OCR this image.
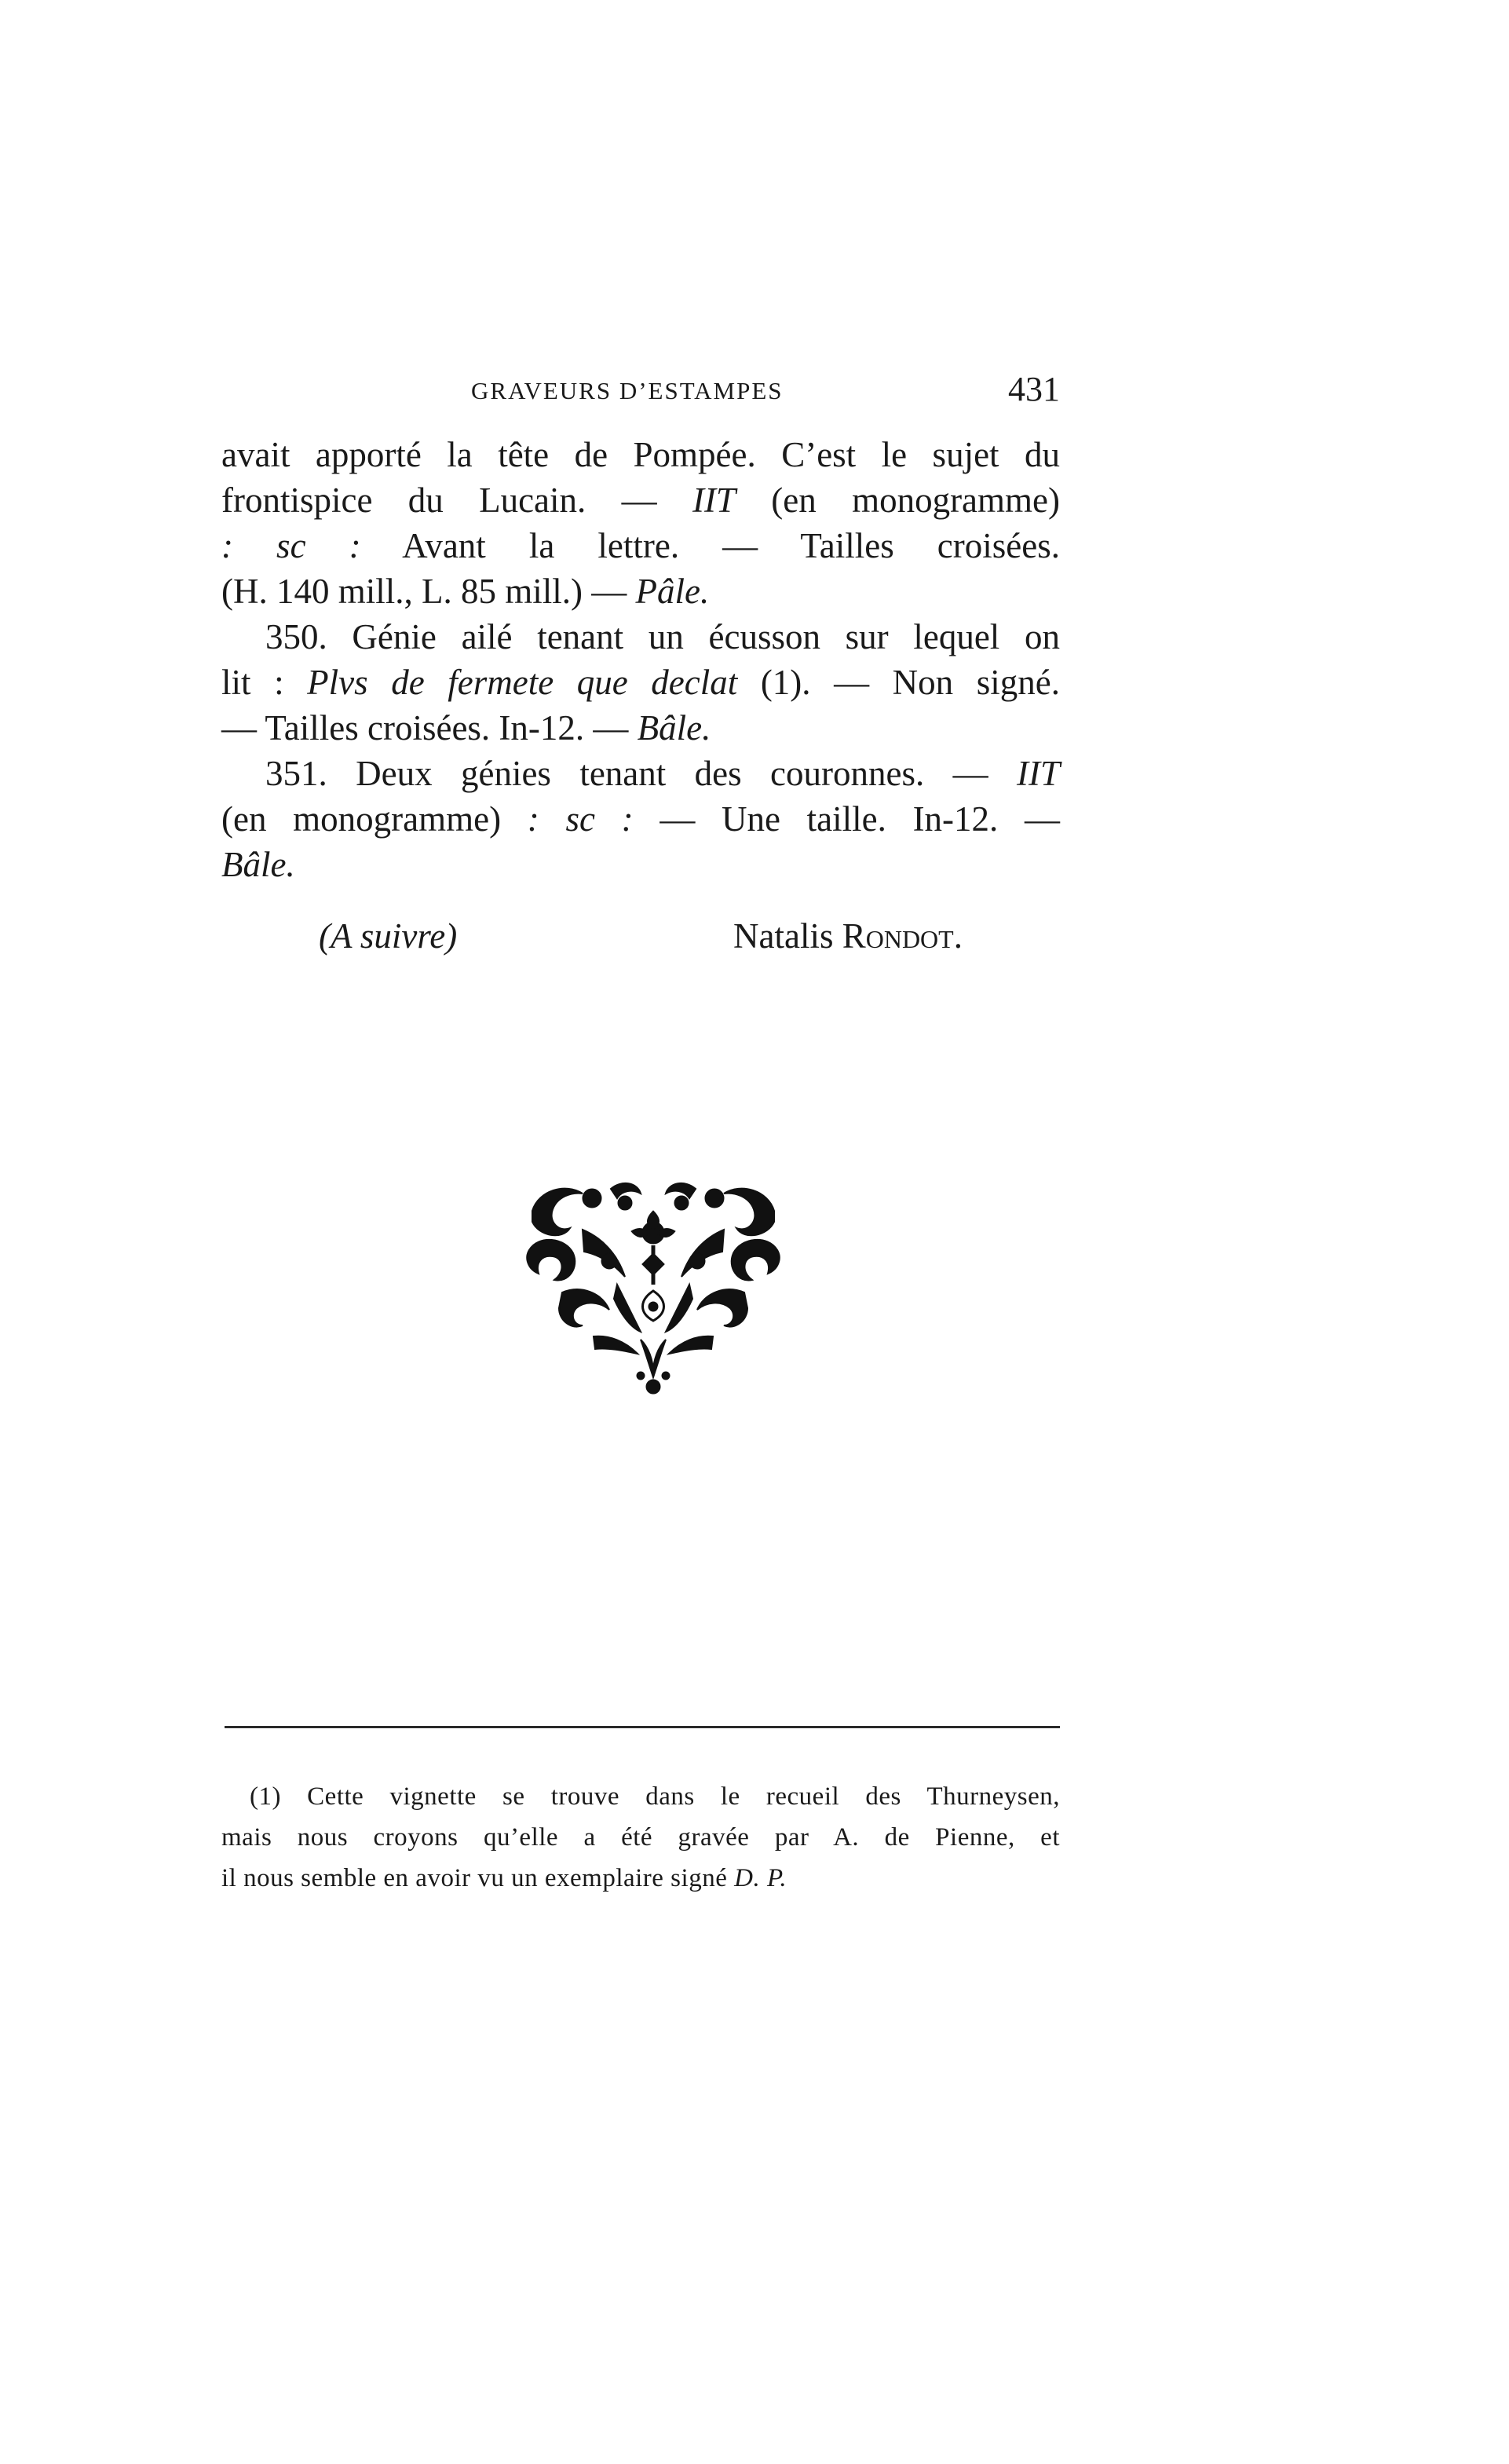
GRAVEURS D’ESTAMPES	431
avait apporté la tête de Pompée. C’est le sujet du
frontispice du Lucain. — IIT (en monogramme)
: sc : Avant la lettre. — Tailles croisées.
(H. 140 mill., L. 85 mill.) — Pâle.
350. Génie ailé tenant un écusson sur lequel on
lit : Plvs de fermete que declat (1). — Non signé.
— Tailles croisées. In-12. — Bâle.
351. Deux génies tenant des couronnes. — IIT
(en monogramme) : sc : — Une taille. In-12. —
Bâle.
(A suivre)	Natalis Rondot.
(1) Cette vignette se trouve dans le recueil des Thurneysen,
mais nous croyons qu’elle a été gravée par A. de Pienne, et
il nous semble en avoir vu un exemplaire signé D. P.
